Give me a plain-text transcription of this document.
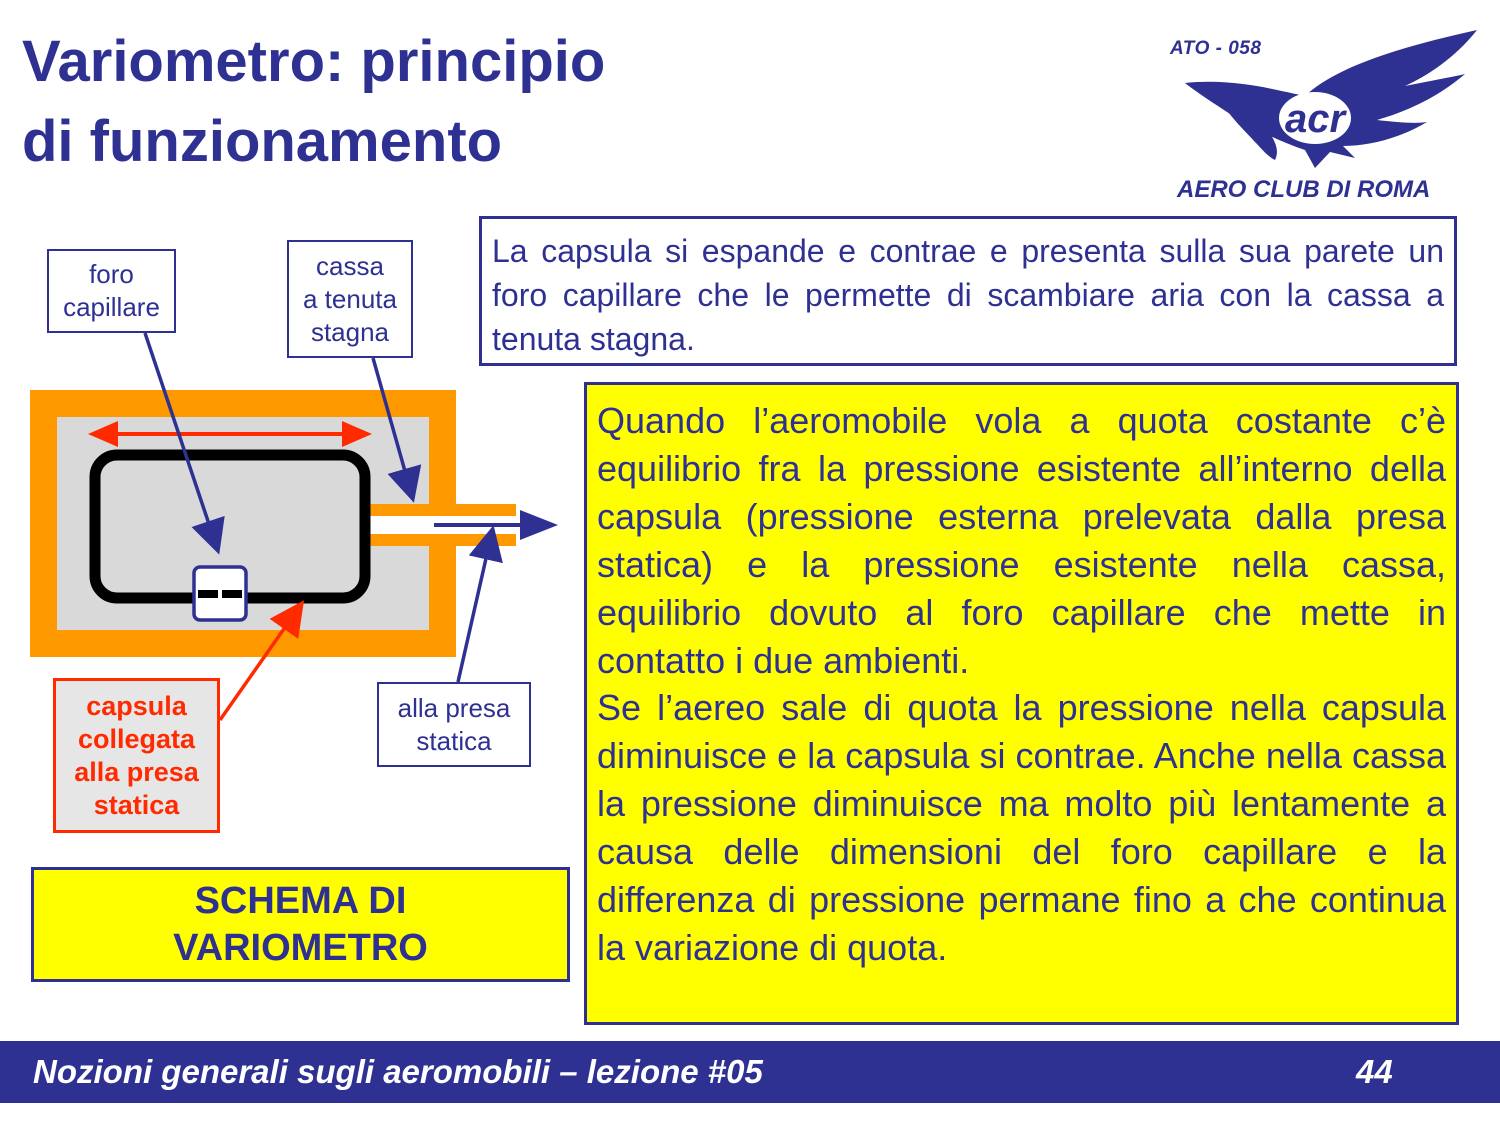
Variometro: principio
di funzionamento	acr
ATO - 058
AERO CLUB DI ROMA
La capsula si espande e contrae e presenta sulla sua parete un foro capillare che le permette di scambiare aria con la cassa a tenuta stagna.

Quando l’aeromobile vola a quota costante c’è equilibrio fra la pressione esistente all’interno della capsula (pressione esterna prelevata dalla presa statica) e la pressione esistente nella cassa, equilibrio dovuto al foro capillare che mette in contatto i due ambienti.

Se l’aereo sale di quota la pressione nella capsula diminuisce e la capsula si contrae. Anche nella cassa la pressione diminuisce ma molto più lentamente a causa delle dimensioni del foro capillare e la differenza di pressione permane fino a che continua la variazione di quota.

foro
capillare
cassa
a tenuta
stagna
alla presa
statica
capsula
collegata
alla presa
statica
SCHEMA DI
VARIOMETRO
Nozioni generali sugli aeromobili – lezione #05	44
